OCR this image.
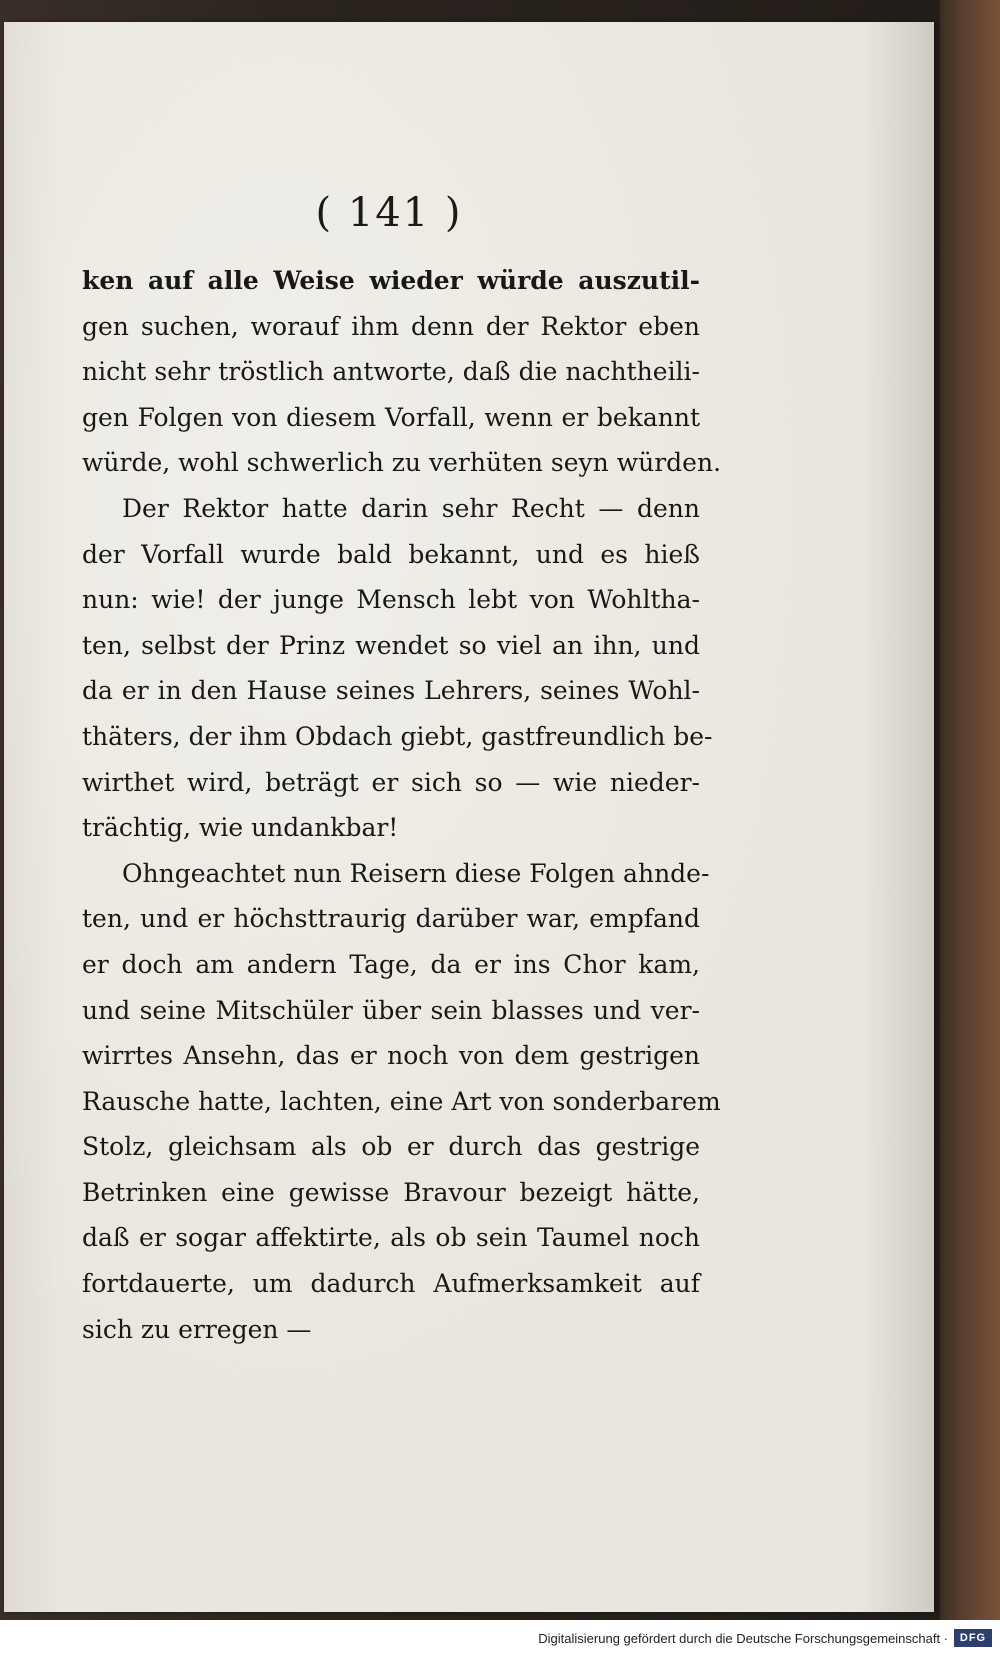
( 141 )
ken auf alle Weise wieder würde auszutil-
gen suchen, worauf ihm denn der Rektor eben
nicht sehr tröstlich antworte, daß die nachtheili-
gen Folgen von diesem Vorfall, wenn er bekannt
würde, wohl schwerlich zu verhüten seyn würden.
Der Rektor hatte darin sehr Recht — denn
der Vorfall wurde bald bekannt, und es hieß
nun: wie! der junge Mensch lebt von Wohltha-
ten, selbst der Prinz wendet so viel an ihn, und
da er in den Hause seines Lehrers, seines Wohl-
thäters, der ihm Obdach giebt, gastfreundlich be-
wirthet wird, beträgt er sich so — wie nieder-
trächtig, wie undankbar!
Ohngeachtet nun Reisern diese Folgen ahnde-
ten, und er höchsttraurig darüber war, empfand
er doch am andern Tage, da er ins Chor kam,
und seine Mitschüler über sein blasses und ver-
wirrtes Ansehn, das er noch von dem gestrigen
Rausche hatte, lachten, eine Art von sonderbarem
Stolz, gleichsam als ob er durch das gestrige
Betrinken eine gewisse Bravour bezeigt hätte,
daß er sogar affektirte, als ob sein Taumel noch
fortdauerte, um dadurch Aufmerksamkeit auf
sich zu erregen —
Digitalisierung gefördert durch die Deutsche Forschungsgemeinschaft ·	DFG
